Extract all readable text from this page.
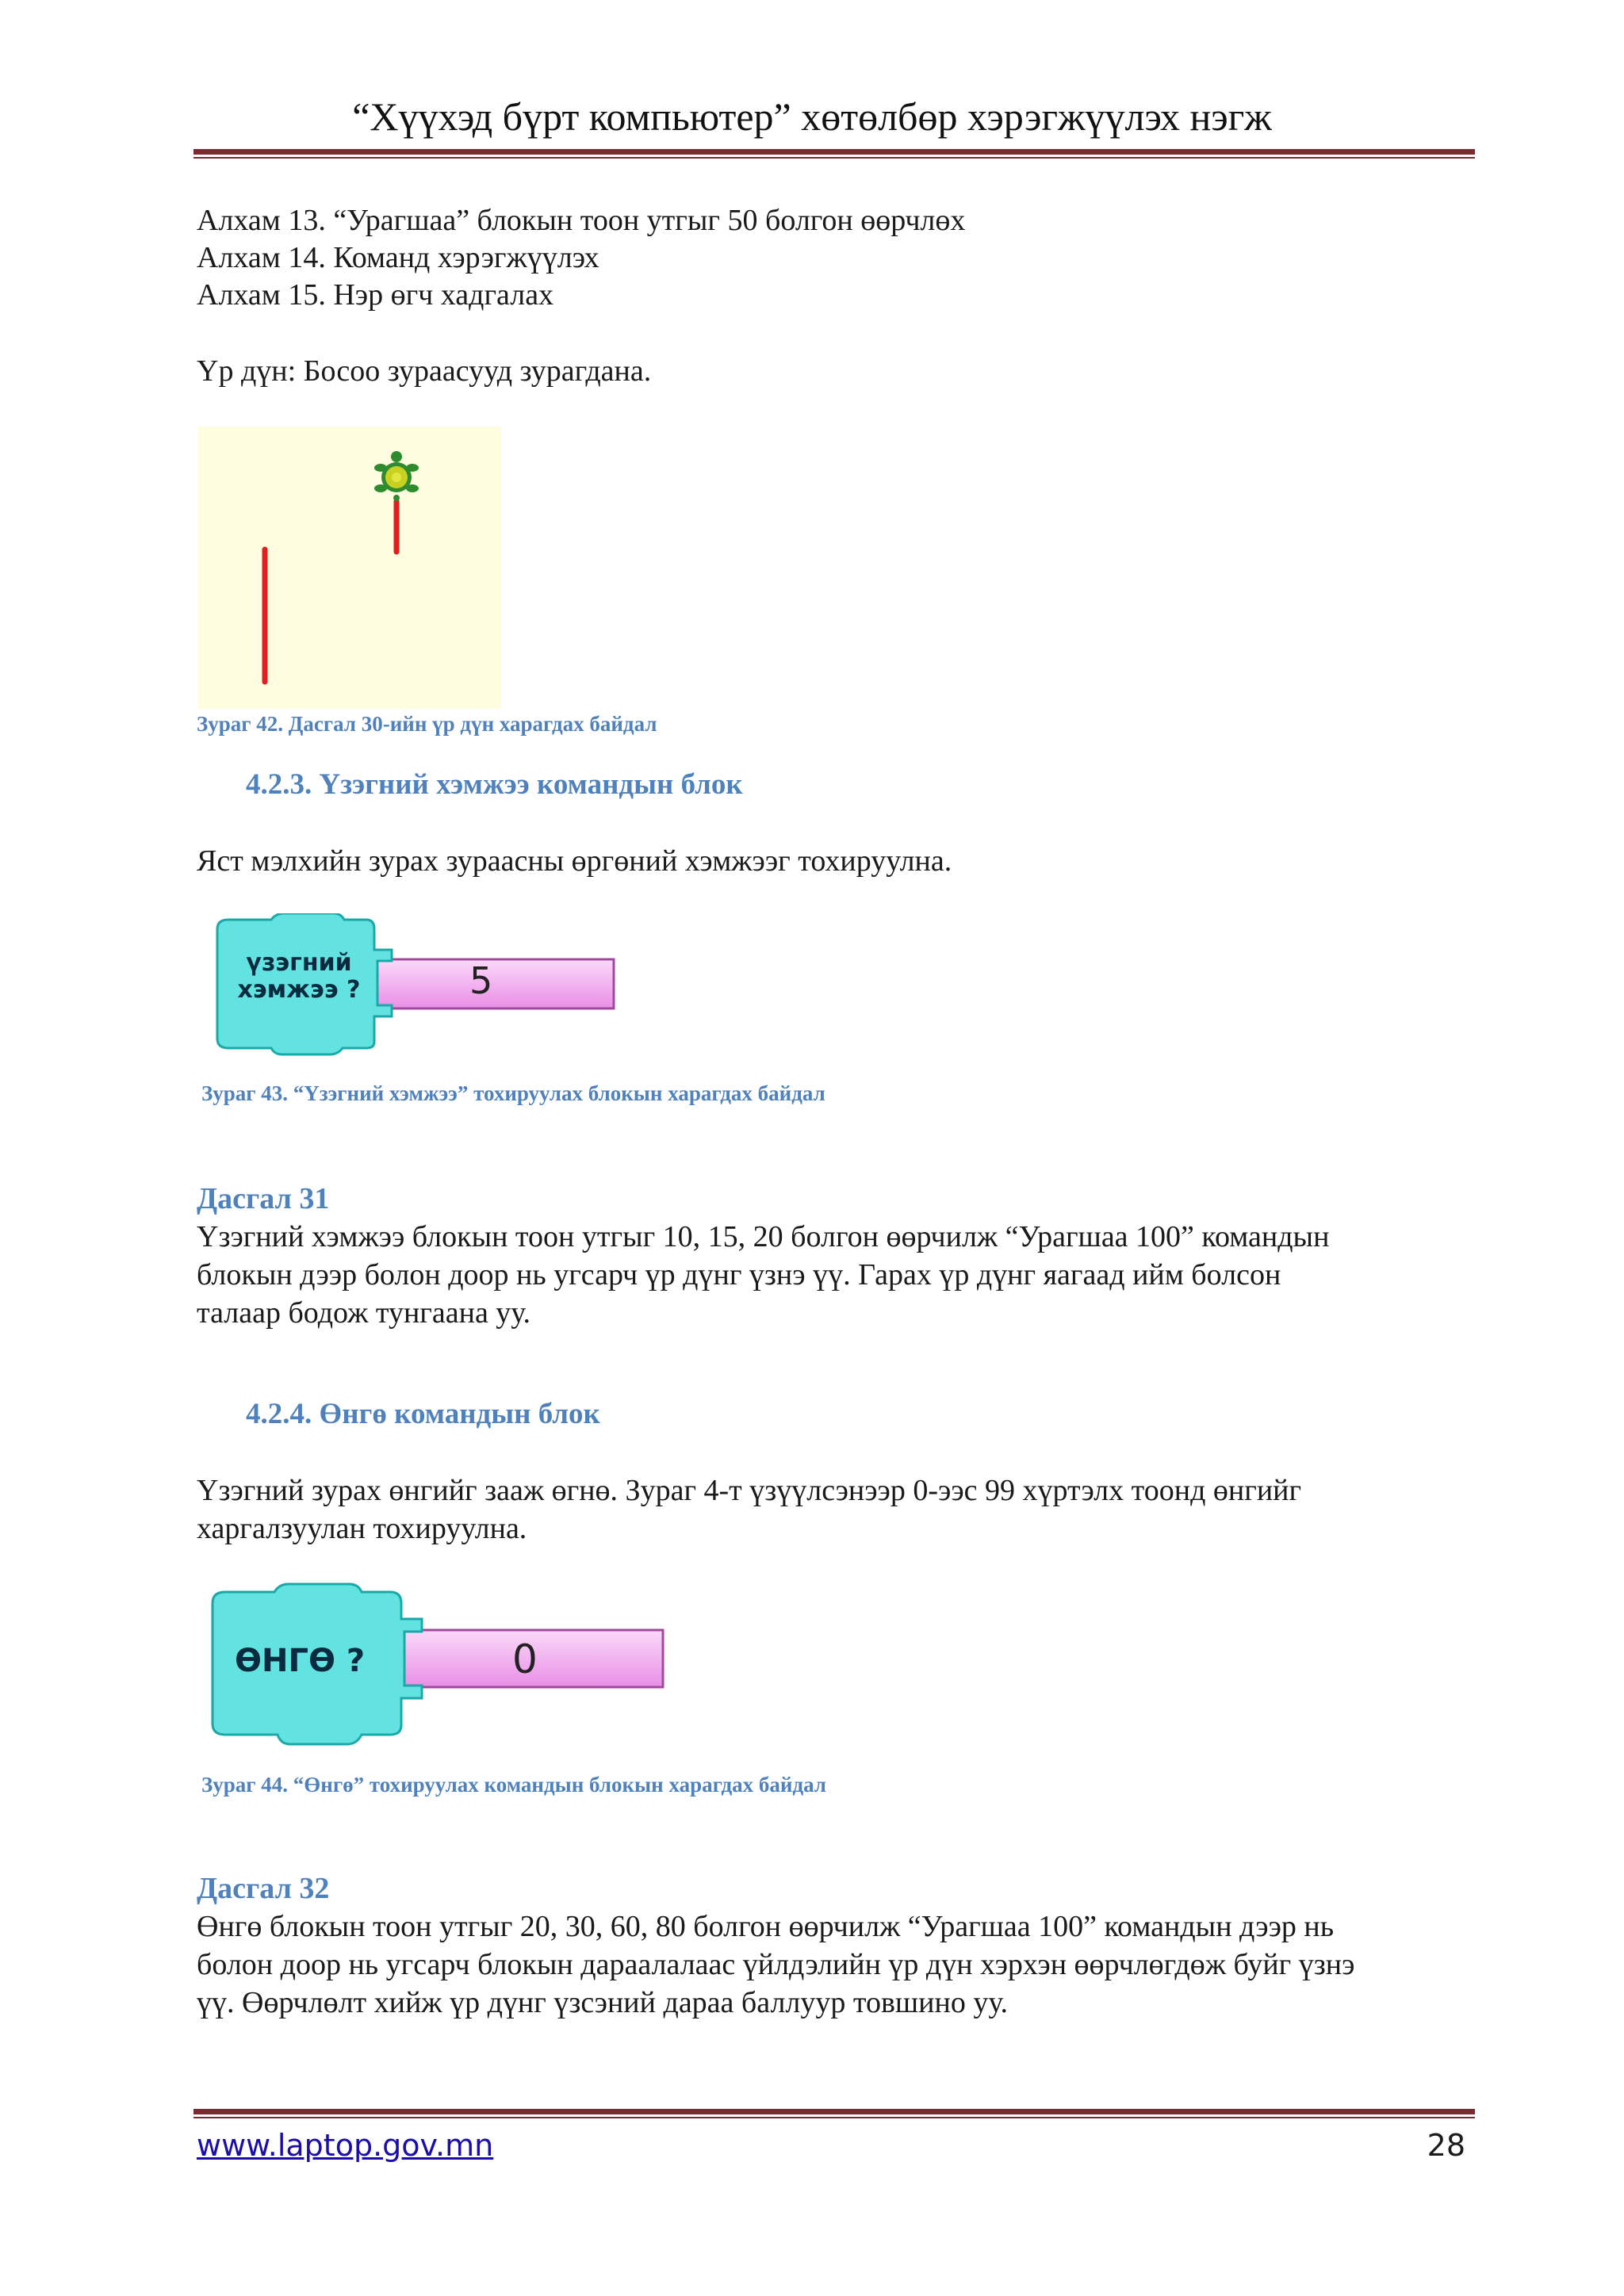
“Хүүхэд бүрт компьютер” хөтөлбөр хэрэгжүүлэх нэгж
Алхам 13. “Урагшаа” блокын тоон утгыг 50 болгон өөрчлөх
Алхам 14. Команд хэрэгжүүлэх
Алхам 15. Нэр өгч хадгалах
Үр дүн: Босоо зураасууд зурагдана.
Зураг 42. Дасгал 30-ийн үр дүн харагдах байдал
4.2.3. Үзэгний хэмжээ командын блок
Яст мэлхийн зурах зураасны өргөний хэмжээг тохируулна.
үзэгний
хэмжээ ?	5
Зураг 43. “Үзэгний хэмжээ” тохируулах блокын харагдах байдал
Дасгал 31
Үзэгний хэмжээ блокын тоон утгыг 10, 15, 20 болгон өөрчилж “Урагшаа 100” командын
блокын дээр болон доор нь угсарч үр дүнг үзнэ үү. Гарах үр дүнг яагаад ийм болсон
талаар бодож тунгаана уу.
4.2.4. Өнгө командын блок
Үзэгний зурах өнгийг зааж өгнө. Зураг 4-т үзүүлсэнээр 0-ээс 99 хүртэлх тоонд өнгийг
харгалзуулан тохируулна.
ӨНГӨ ?	0
Зураг 44. “Өнгө” тохируулах командын блокын харагдах байдал
Дасгал 32
Өнгө блокын тоон утгыг 20, 30, 60, 80 болгон өөрчилж “Урагшаа 100” командын дээр нь
болон доор нь угсарч блокын дараалалаас үйлдэлийн үр дүн хэрхэн өөрчлөгдөж буйг үзнэ
үү. Өөрчлөлт хийж үр дүнг үзсэний дараа баллуур товшино уу.
www.laptop.gov.mn	28
